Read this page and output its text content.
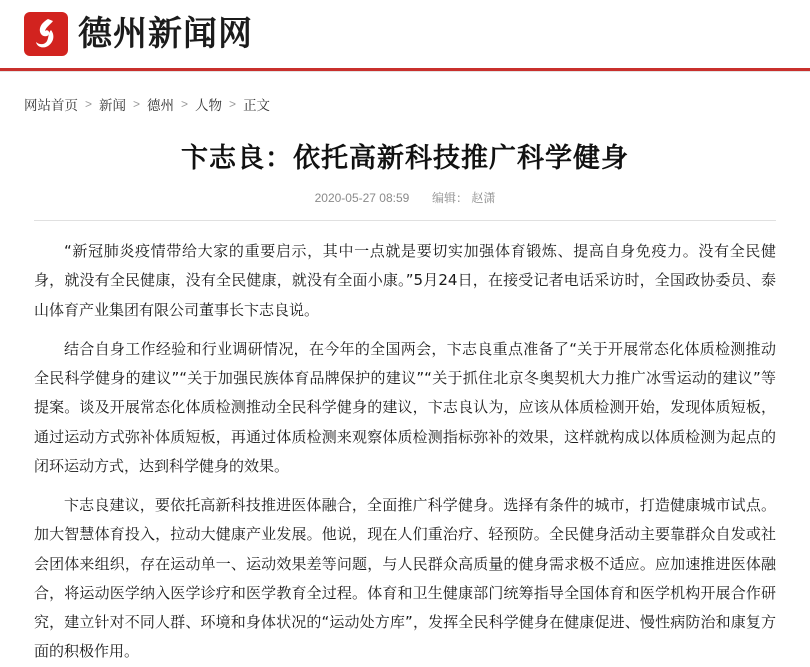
德州新闻网
网站首页 > 新闻 > 德州 > 人物 > 正文
卞志良：依托高新科技推广科学健身
2020-05-27 08:59 编辑： 赵潇

“新冠肺炎疫情带给大家的重要启示，其中一点就是要切实加强体育锻炼、提高自身免疫力。没有全民健身，就没有全民健康，没有全民健康，就没有全面小康。”5月24日，在接受记者电话采访时，全国政协委员、泰山体育产业集团有限公司董事长卞志良说。

结合自身工作经验和行业调研情况，在今年的全国两会，卞志良重点准备了“关于开展常态化体质检测推动全民科学健身的建议”“关于加强民族体育品牌保护的建议”“关于抓住北京冬奥契机大力推广冰雪运动的建议”等提案。谈及开展常态化体质检测推动全民科学健身的建议，卞志良认为，应该从体质检测开始，发现体质短板，通过运动方式弥补体质短板，再通过体质检测来观察体质检测指标弥补的效果，这样就构成以体质检测为起点的闭环运动方式，达到科学健身的效果。

卞志良建议，要依托高新科技推进医体融合，全面推广科学健身。选择有条件的城市，打造健康城市试点。加大智慧体育投入，拉动大健康产业发展。他说，现在人们重治疗、轻预防。全民健身活动主要靠群众自发或社会团体来组织，存在运动单一、运动效果差等问题，与人民群众高质量的健身需求极不适应。应加速推进医体融合，将运动医学纳入医学诊疗和医学教育全过程。体育和卫生健康部门统筹指导全国体育和医学机构开展合作研究，建立针对不同人群、环境和身体状况的“运动处方库”，发挥全民科学健身在健康促进、慢性病防治和康复方面的积极作用。
